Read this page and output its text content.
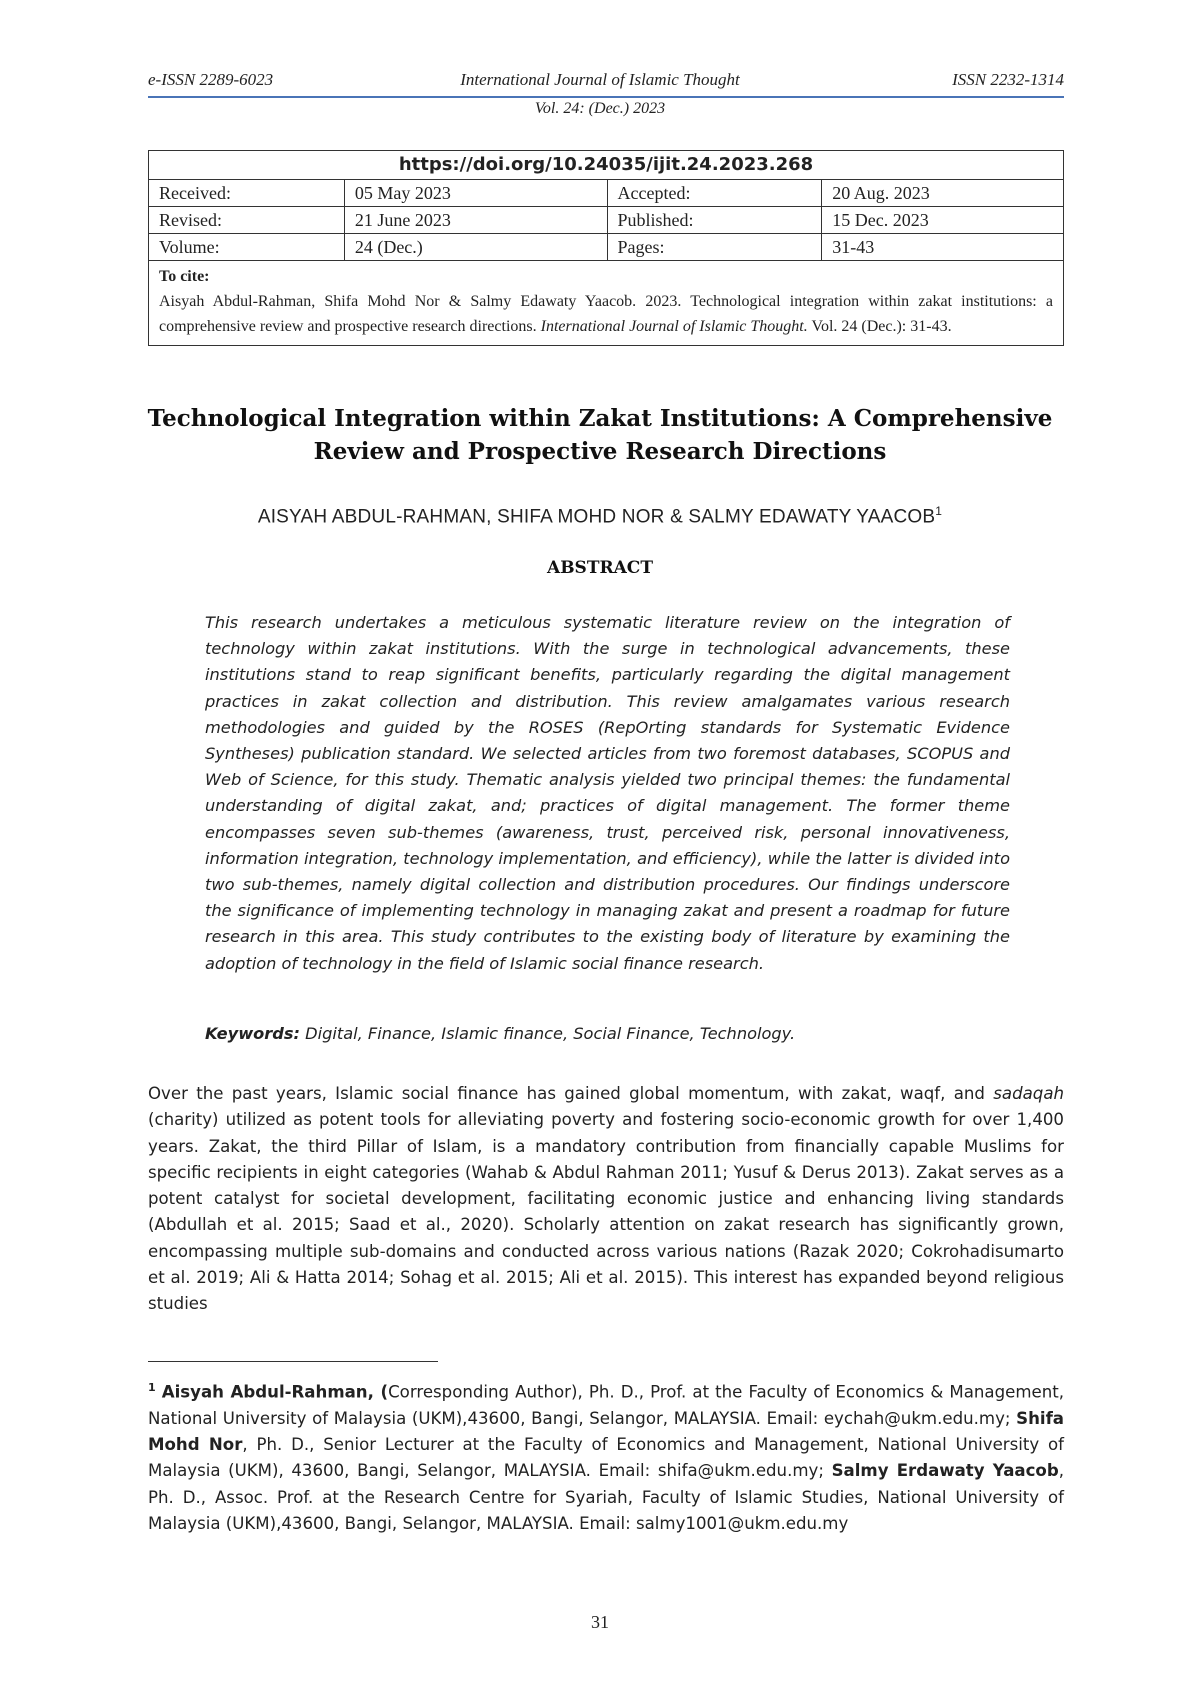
e-ISSN 2289-6023	International Journal of Islamic Thought	ISSN 2232-1314
Vol. 24: (Dec.) 2023
https://doi.org/10.24035/ijit.24.2023.268			
Received:	05 May 2023	Accepted:	20 Aug. 2023
Revised:	21 June 2023	Published:	15 Dec. 2023
Volume:	24 (Dec.)	Pages:	31-43

To cite:
Aisyah Abdul-Rahman, Shifa Mohd Nor & Salmy Edawaty Yaacob. 2023. Technological integration within zakat institutions: a comprehensive review and prospective research directions. International Journal of Islamic Thought. Vol. 24 (Dec.): 31-43.			
Technological Integration within Zakat Institutions: A Comprehensive
Review and Prospective Research Directions
AISYAH ABDUL-RAHMAN, SHIFA MOHD NOR & SALMY EDAWATY YAACOB$^1$
ABSTRACT
This research undertakes a meticulous systematic literature review on the integration of technology within zakat institutions. With the surge in technological advancements, these institutions stand to reap significant benefits, particularly regarding the digital management practices in zakat collection and distribution. This review amalgamates various research methodologies and guided by the ROSES (RepOrting standards for Systematic Evidence Syntheses) publication standard. We selected articles from two foremost databases, SCOPUS and Web of Science, for this study. Thematic analysis yielded two principal themes: the fundamental understanding of digital zakat, and; practices of digital management. The former theme encompasses seven sub-themes (awareness, trust, perceived risk, personal innovativeness, information integration, technology implementation, and efficiency), while the latter is divided into two sub-themes, namely digital collection and distribution procedures. Our findings underscore the significance of implementing technology in managing zakat and present a roadmap for future research in this area. This study contributes to the existing body of literature by examining the adoption of technology in the field of Islamic social finance research.
Keywords: Digital, Finance, Islamic finance, Social Finance, Technology.
Over the past years, Islamic social finance has gained global momentum, with zakat, waqf, and sadaqah (charity) utilized as potent tools for alleviating poverty and fostering socio-economic growth for over 1,400 years. Zakat, the third Pillar of Islam, is a mandatory contribution from financially capable Muslims for specific recipients in eight categories (Wahab & Abdul Rahman 2011; Yusuf & Derus 2013). Zakat serves as a potent catalyst for societal development, facilitating economic justice and enhancing living standards (Abdullah et al. 2015; Saad et al., 2020). Scholarly attention on zakat research has significantly grown, encompassing multiple sub-domains and conducted across various nations (Razak 2020; Cokrohadisumarto et al. 2019; Ali & Hatta 2014; Sohag et al. 2015; Ali et al. 2015). This interest has expanded beyond religious studies
$^1$ Aisyah Abdul-Rahman, (Corresponding Author), Ph. D., Prof. at the Faculty of Economics & Management, National University of Malaysia (UKM),43600, Bangi, Selangor, MALAYSIA. Email: eychah@ukm.edu.my; Shifa Mohd Nor, Ph. D., Senior Lecturer at the Faculty of Economics and Management, National University of Malaysia (UKM), 43600, Bangi, Selangor, MALAYSIA. Email: shifa@ukm.edu.my; Salmy Erdawaty Yaacob, Ph. D., Assoc. Prof. at the Research Centre for Syariah, Faculty of Islamic Studies, National University of Malaysia (UKM),43600, Bangi, Selangor, MALAYSIA. Email: salmy1001@ukm.edu.my
31
